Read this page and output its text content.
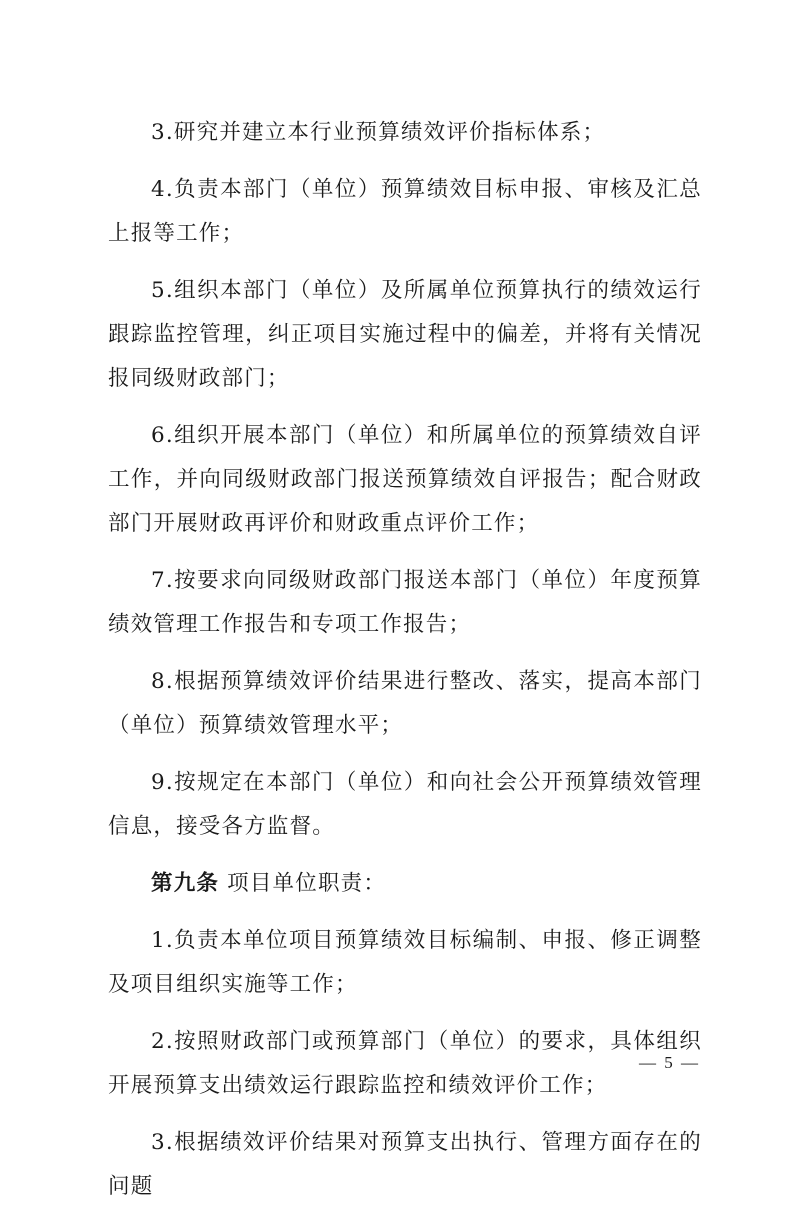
3.研究并建立本行业预算绩效评价指标体系；

4.负责本部门（单位）预算绩效目标申报、审核及汇总上报等工作；

5.组织本部门（单位）及所属单位预算执行的绩效运行跟踪监控管理，纠正项目实施过程中的偏差，并将有关情况报同级财政部门；

6.组织开展本部门（单位）和所属单位的预算绩效自评工作，并向同级财政部门报送预算绩效自评报告；配合财政部门开展财政再评价和财政重点评价工作；

7.按要求向同级财政部门报送本部门（单位）年度预算绩效管理工作报告和专项工作报告；

8.根据预算绩效评价结果进行整改、落实，提高本部门（单位）预算绩效管理水平；

9.按规定在本部门（单位）和向社会公开预算绩效管理信息，接受各方监督。

第九条 项目单位职责：

1.负责本单位项目预算绩效目标编制、申报、修正调整及项目组织实施等工作；

2.按照财政部门或预算部门（单位）的要求，具体组织开展预算支出绩效运行跟踪监控和绩效评价工作；

3.根据绩效评价结果对预算支出执行、管理方面存在的问题

— 5 —
